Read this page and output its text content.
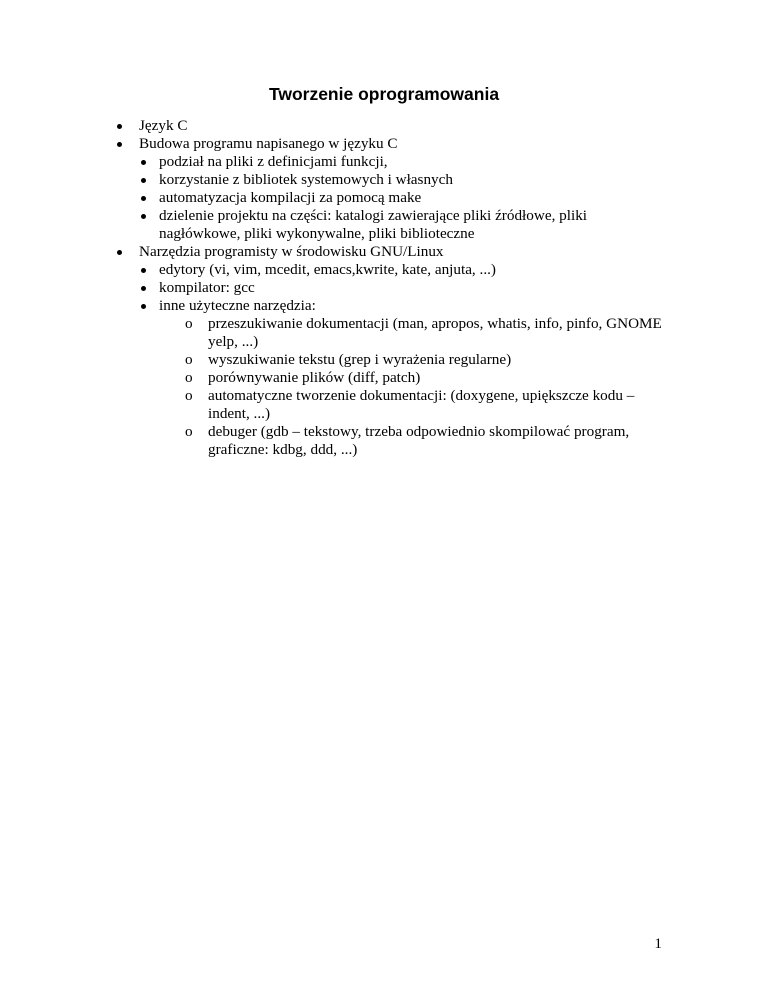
Tworzenie oprogramowania
Język C
Budowa programu napisanego w języku C
podział na pliki z definicjami funkcji,
korzystanie z bibliotek systemowych i własnych
automatyzacja kompilacji za pomocą make
dzielenie projektu na części: katalogi zawierające pliki źródłowe, pliki
nagłówkowe, pliki wykonywalne, pliki biblioteczne
Narzędzia programisty w środowisku GNU/Linux
edytory (vi, vim, mcedit, emacs,kwrite, kate, anjuta, ...)
kompilator: gcc
inne użyteczne narzędzia:
o przeszukiwanie dokumentacji (man, apropos, whatis, info, pinfo, GNOME
yelp, ...)
o wyszukiwanie tekstu (grep i wyrażenia regularne)
o porównywanie plików (diff, patch)
o automatyczne tworzenie dokumentacji: (doxygene, upiększcze kodu –
indent, ...)
o debuger (gdb – tekstowy, trzeba odpowiednio skompilować program,
graficzne: kdbg, ddd, ...)
1
